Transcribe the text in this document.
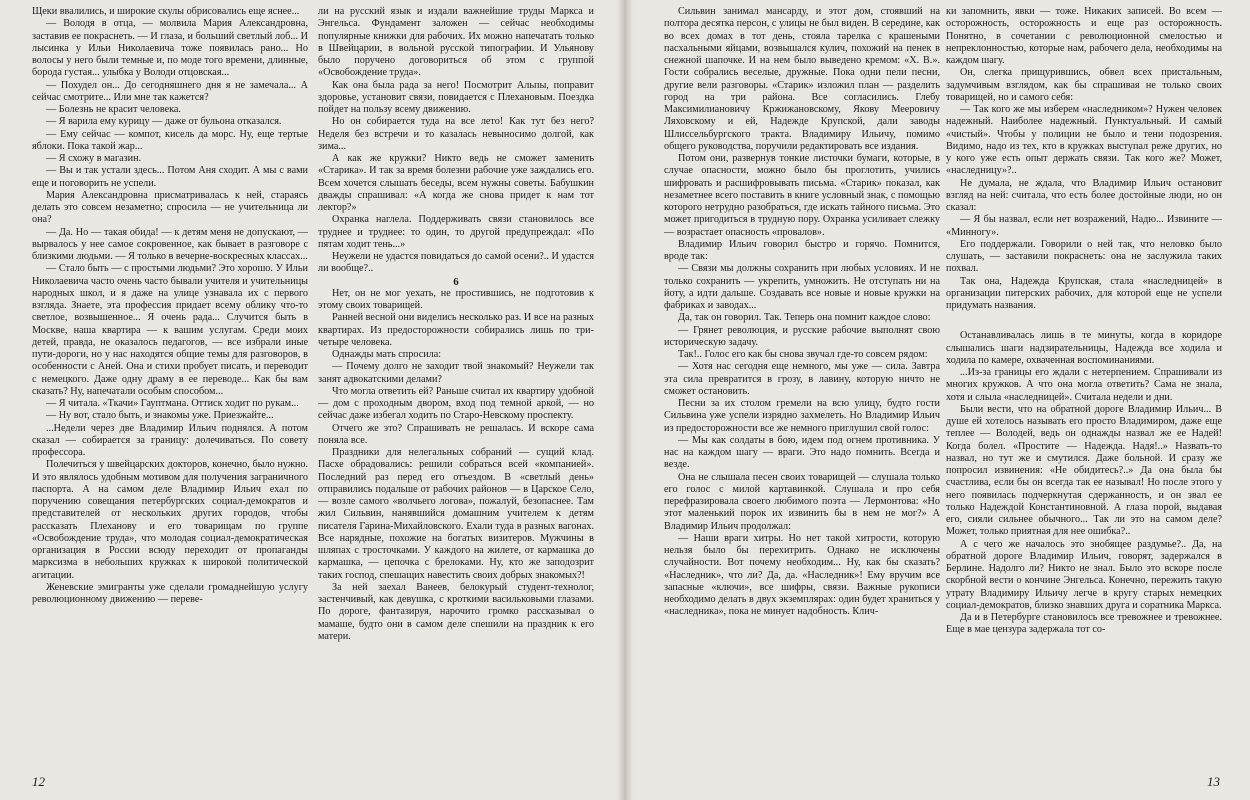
Щеки ввалились, и широкие скулы обрисовались еще яснее...

— Володя в отца, — молвила Мария Александровна, заставив ее покраснеть. — И глаза, и больший светлый лоб... И лысинка у Ильи Николаевича тоже появилась рано... Но волосы у него были темные и, по моде того времени, длинные, борода густая... улыбка у Володи отцовская...

— Похудел он... До сегодняшнего дня я не замечала... А сейчас смотрите... Или мне так кажется?

— Болезнь не красит человека.

— Я варила ему курицу — даже от бульона отказался.

— Ему сейчас — компот, кисель да морс. Ну, еще тертые яблоки. Пока такой жар...

— Я схожу в магазин.

— Вы и так устали здесь... Потом Аня сходит. А мы с вами еще и поговорить не успели.

Мария Александровна присматривалась к ней, стараясь делать это совсем незаметно; спросила — не учительница ли она?

— Да. Но — такая обида! — к детям меня не допускают, — вырвалось у нее самое сокровенное, как бывает в разговоре с близкими людьми. — Я только в вечерне-воскресных классах...

— Стало быть — с простыми людьми? Это хорошо. У Ильи Николаевича часто очень часто бывали учителя и учительницы народных школ, и я даже на улице узнавала их с первого взгляда. Знаете, эта профессия придает всему облику что-то светлое, возвышенное... Я очень рада... Случится быть в Москве, наша квартира — к вашим услугам. Среди моих детей, правда, не оказалось педагогов, — все избрали иные пути-дороги, но у нас находятся общие темы для разговоров, в особенности с Аней. Она и стихи пробует писать, и переводит с немецкого. Даже одну драму в ее переводе... Как бы вам сказать? Ну, напечатали особым способом...

— Я читала. «Ткачи» Гауптмана. Оттиск ходит по рукам...

— Ну вот, стало быть, и знакомы уже. Приезжайте...

...Недели через две Владимир Ильич поднялся. А потом сказал — собирается за границу: долечиваться. По совету профессора.

Полечиться у швейцарских докторов, конечно, было нужно. И это являлось удобным мотивом для получения заграничного паспорта. А на самом деле Владимир Ильич ехал по поручению совещания петербургских социал-демократов и представителей от нескольких других городов, чтобы рассказать Плеханову и его товарищам по группе «Освобождение труда», что молодая социал-демократическая организация в России всюду переходит от пропаганды марксизма в небольших кружках к широкой политической агитации.

Женевские эмигранты уже сделали громаднейшую услугу революционному движению — переве-

ли на русский язык и издали важнейшие труды Маркса и Энгельса. Фундамент заложен — сейчас необходимы популярные книжки для рабочих. Их можно напечатать только в Швейцарии, в вольной русской типографии. И Ульянову было поручено договориться об этом с группой «Освобождение труда».

Как она была рада за него! Посмотрит Альпы, поправит здоровье, установит связи, повидается с Плехановым. Поездка пойдет на пользу всему движению.

Но он собирается туда на все лето! Как тут без него? Неделя без встречи и то казалась невыносимо долгой, как зима...

А как же кружки? Никто ведь не сможет заменить «Старика». И так за время болезни рабочие уже заждались его. Всем хочется слышать беседы, всем нужны советы. Бабушкин дважды спрашивал: «А когда же снова придет к нам тот лектор?»

Охранка наглела. Поддерживать связи становилось все труднее и труднее: то один, то другой предупреждал: «По пятам ходит тень...»

Неужели не удастся повидаться до самой осени?.. И удастся ли вообще?..

6

Нет, он не мог уехать, не простившись, не подготовив к этому своих товарищей.

Ранней весной они виделись несколько раз. И все на разных квартирах. Из предосторожности собирались лишь по три-четыре человека.

Однажды мать спросила:

— Почему долго не заходит твой знакомый? Неужели так занят адвокатскими делами?

Что могла ответить ей? Раньше считал их квартиру удобной — дом с проходным двором, вход под темной аркой, — но сейчас даже избегал ходить по Старо-Невскому проспекту.

Отчего же это? Спрашивать не решалась. И вскоре сама поняла все.

Праздники для нелегальных собраний — сущий клад. Пасхе обрадовались: решили собраться всей «компанией». Последний раз перед его отъездом. В «светлый день» отправились подальше от рабочих районов — в Царское Село, — возле самого «волчьего логова», пожалуй, безопаснее. Там жил Сильвин, нанявшийся домашним учителем к детям писателя Гарина-Михайловского. Ехали туда в разных вагонах. Все нарядные, похожие на богатых визитеров. Мужчины в шляпах с тросточками. У каждого на жилете, от кармашка до кармашка, — цепочка с брелоками. Ну, кто же заподозрит таких господ, спешащих навестить своих добрых знакомых?!

За ней заехал Ванеев, белокурый студент-технолог, застенчивый, как девушка, с кроткими васильковыми глазами. По дороге, фантазируя, нарочито громко рассказывал о мамаше, будто они в самом деле спешили на праздник к его матери.

12

Сильвин занимал мансарду, и этот дом, стоявший на полтора десятка персон, с улицы не был виден. В середине, как во всех домах в тот день, стояла тарелка с крашеными пасхальными яйцами, возвышался кулич, похожий на пенек в снежной шапочке. И на нем было выведено кремом: «Х. В.». Гости собрались веселые, дружные. Пока одни пели песни, другие вели разговоры. «Старик» изложил план — разделить город на три района. Все согласились. Глебу Максимилиановичу Кржижановскому, Якову Мееровичу Ляховскому и ей, Надежде Крупской, дали заводы Шлиссельбургского тракта. Владимиру Ильичу, помимо общего руководства, поручили редактировать все издания.

Потом они, развернув тонкие листочки бумаги, которые, в случае опасности, можно было бы проглотить, учились шифровать и расшифровывать письма. «Старик» показал, как незаметнее всего поставить в книге условный знак, с помощью которого нетрудно разобраться, где искать тайного письма. Это может пригодиться в трудную пору. Охранка усиливает слежку — возрастает опасность «провалов».

Владимир Ильич говорил быстро и горячо. Помнится, вроде так:

— Связи мы должны сохранить при любых условиях. И не только сохранить — укрепить, умножить. Не отступать ни на йоту, а идти дальше. Создавать все новые и новые кружки на фабриках и заводах...

Да, так он говорил. Так. Теперь она помнит каждое слово:

— Грянет революция, и русские рабочие выполнят свою историческую задачу.

Так!.. Голос его как бы снова звучал где-то совсем рядом:

— Хотя нас сегодня еще немного, мы уже — сила. Завтра эта сила превратится в грозу, в лавину, которую ничто не сможет остановить.

Песни за их столом гремели на всю улицу, будто гости Сильвина уже успели изрядно захмелеть. Но Владимир Ильич из предосторожности все же немного приглушил свой голос:

— Мы как солдаты в бою, идем под огнем противника. У нас на каждом шагу — враги. Это надо помнить. Всегда и везде.

Она не слышала песен своих товарищей — слушала только его голос с милой картавинкой. Слушала и про себя перефразировала своего любимого поэта — Лермонтова: «Но этот маленький порок их извинить бы в нем не мог?» А Владимир Ильич продолжал:

— Наши враги хитры. Но нет такой хитрости, которую нельзя было бы перехитрить. Однако не исключены случайности. Вот почему необходим... Ну, как бы сказать? «Наследник», что ли? Да, да. «Наследник»! Ему вручим все запасные «ключи», все шифры, связи. Важные рукописи необходимо делать в двух экземплярах: один будет храниться у «наследника», пока не минует надобность. Клич-

ки запомнить, явки — тоже. Никаких записей. Во всем — осторожность, осторожность и еще раз осторожность. Понятно, в сочетании с революционной смелостью и непреклонностью, которые нам, рабочего дела, необходимы на каждом шагу.

Он, слегка прищурившись, обвел всех пристальным, задумчивым взглядом, как бы спрашивая не только своих товарищей, но и самого себя:

— Так кого же мы изберем «наследником»? Нужен человек надежный. Наиболее надежный. Пунктуальный. И самый «чистый». Чтобы у полиции не было и тени подозрения. Видимо, надо из тех, кто в кружках выступал реже других, но у кого уже есть опыт держать связи. Так кого же? Может, «наследницу»?..

Не думала, не ждала, что Владимир Ильич остановит взгляд на ней: считала, что есть более достойные люди, но он сказал:

— Я бы назвал, если нет возражений, Надю... Извините — «Минногу».

Его поддержали. Говорили о ней так, что неловко было слушать, — заставили покраснеть: она не заслужила таких похвал.

Так она, Надежда Крупская, стала «наследницей» в организации питерских рабочих, для которой еще не успели придумать названия.

Останавливалась лишь в те минуты, когда в коридоре слышались шаги надзирательницы, Надежда все ходила и ходила по камере, охваченная воспоминаниями.

...Из-за границы его ждали с нетерпением. Спрашивали из многих кружков. А что она могла ответить? Сама не знала, хотя и слыла «наследницей». Считала недели и дни.

Были вести, что на обратной дороге Владимир Ильич... В душе ей хотелось называть его просто Владимиром, даже еще теплее — Володей, ведь он однажды назвал же ее Надей! Когда болел. «Простите — Надежда. Надя!..» Назвать-то назвал, но тут же и смутился. Даже больной. И сразу же попросил извинения: «Не обидитесь?..» Да она была бы счастлива, если бы он всегда так ее называл! Но после этого у него появилась подчеркнутая сдержанность, и он звал ее только Надеждой Константиновной. А глаза порой, выдавая его, сияли сильнее обычного... Так ли это на самом деле? Может, только приятная для нее ошибка?..

А с чего же началось это знобящее раздумье?.. Да, на обратной дороге Владимир Ильич, говорят, задержался в Берлине. Надолго ли? Никто не знал. Было это вскоре после скорбной вести о кончине Энгельса. Конечно, пережить такую утрату Владимиру Ильичу легче в кругу старых немецких социал-демократов, близко знавших друга и соратника Маркса.

Да и в Петербурге становилось все тревожнее и тревожнее. Еще в мае цензура задержала тот со-

13
